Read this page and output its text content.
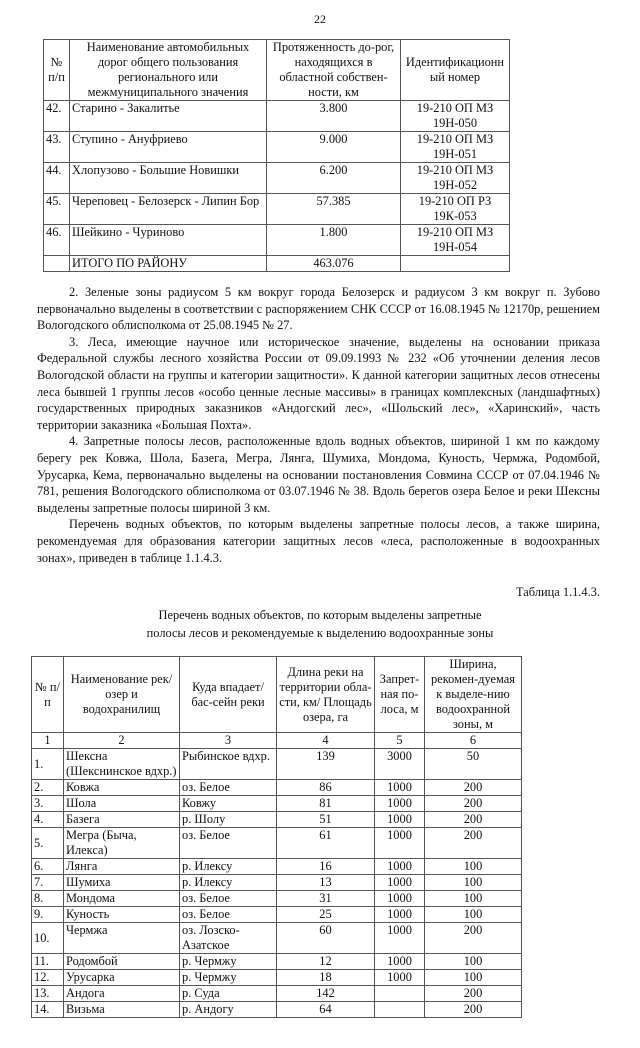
22
№ п/п	Наименование автомобильных дорог общего пользования регионального или межмуниципального значения	Протяженность до-рог, находящихся в областной собствен-ности, км	Идентификационный номер
42.	Старино - Закалитье	3.800	19-210 ОП МЗ 19Н-050
43.	Ступино - Ануфриево	9.000	19-210 ОП МЗ 19Н-051
44.	Хлопузово - Большие Новишки	6.200	19-210 ОП МЗ 19Н-052
45.	Череповец - Белозерск - Липин Бор	57.385	19-210 ОП РЗ 19К-053
46.	Шейкино - Чуриново	1.800	19-210 ОП МЗ 19Н-054
	ИТОГО ПО РАЙОНУ	463.076	

2. Зеленые зоны радиусом 5 км вокруг города Белозерск и радиусом 3 км вокруг п. Зубово первоначально выделены в соответствии с распоряжением СНК СССР от 16.08.1945 № 12170р, решением Вологодского облисполкома от 25.08.1945 № 27.

3. Леса, имеющие научное или историческое значение, выделены на основании приказа Федеральной службы лесного хозяйства России от 09.09.1993 № 232 «Об уточнении деления лесов Вологодской области на группы и категории защитности». К данной категории защитных лесов отнесены леса бывшей 1 группы лесов «особо ценные лесные массивы» в границах комплексных (ландшафтных) государственных природных заказников «Андогский лес», «Шольский лес», «Харинский», часть территории заказника «Большая Похта».

4. Запретные полосы лесов, расположенные вдоль водных объектов, шириной 1 км по каждому берегу рек Ковжа, Шола, Базега, Мегра, Лянга, Шумиха, Мондома, Куность, Чермжа, Родомбой, Урусарка, Кема, первоначально выделены на основании постановления Совмина СССР от 07.04.1946 № 781, решения Вологодского облисполкома от 03.07.1946 № 38. Вдоль берегов озера Белое и реки Шексны выделены запретные полосы шириной 3 км.

Перечень водных объектов, по которым выделены запретные полосы лесов, а также ширина, рекомендуемая для образования категории защитных лесов «леса, расположенные в водоохранных зонах», приведен в таблице 1.1.4.3.

Таблица 1.1.4.3.
Перечень водных объектов, по которым выделены запретные
полосы лесов и рекомендуемые к выделению водоохранные зоны
№ п/п	Наименование рек/ озер и водохранилищ	Куда впадает/ бас-сейн реки	Длина реки на территории обла-сти, км/ Площадь озера, га	Запрет-ная по-лоса, м	Ширина, рекомен-дуемая к выделе-нию водоохранной зоны, м
1	2	3	4	5	6
1.	Шексна (Шекснинское вдхр.)	Рыбинское вдхр.	139	3000	50
2.	Ковжа	оз. Белое	86	1000	200
3.	Шола	Ковжу	81	1000	200
4.	Базега	р. Шолу	51	1000	200
5.	Мегра (Быча, Илекса)	оз. Белое	61	1000	200
6.	Лянга	р. Илексу	16	1000	100
7.	Шумиха	р. Илексу	13	1000	100
8.	Мондома	оз. Белое	31	1000	100
9.	Куность	оз. Белое	25	1000	100
10.	Чермжа	оз. Лозско-Азатское	60	1000	200
11.	Родомбой	р. Чермжу	12	1000	100
12.	Урусарка	р. Чермжу	18	1000	100
13.	Андога	р. Суда	142		200
14.	Визьма	р. Андогу	64		200
